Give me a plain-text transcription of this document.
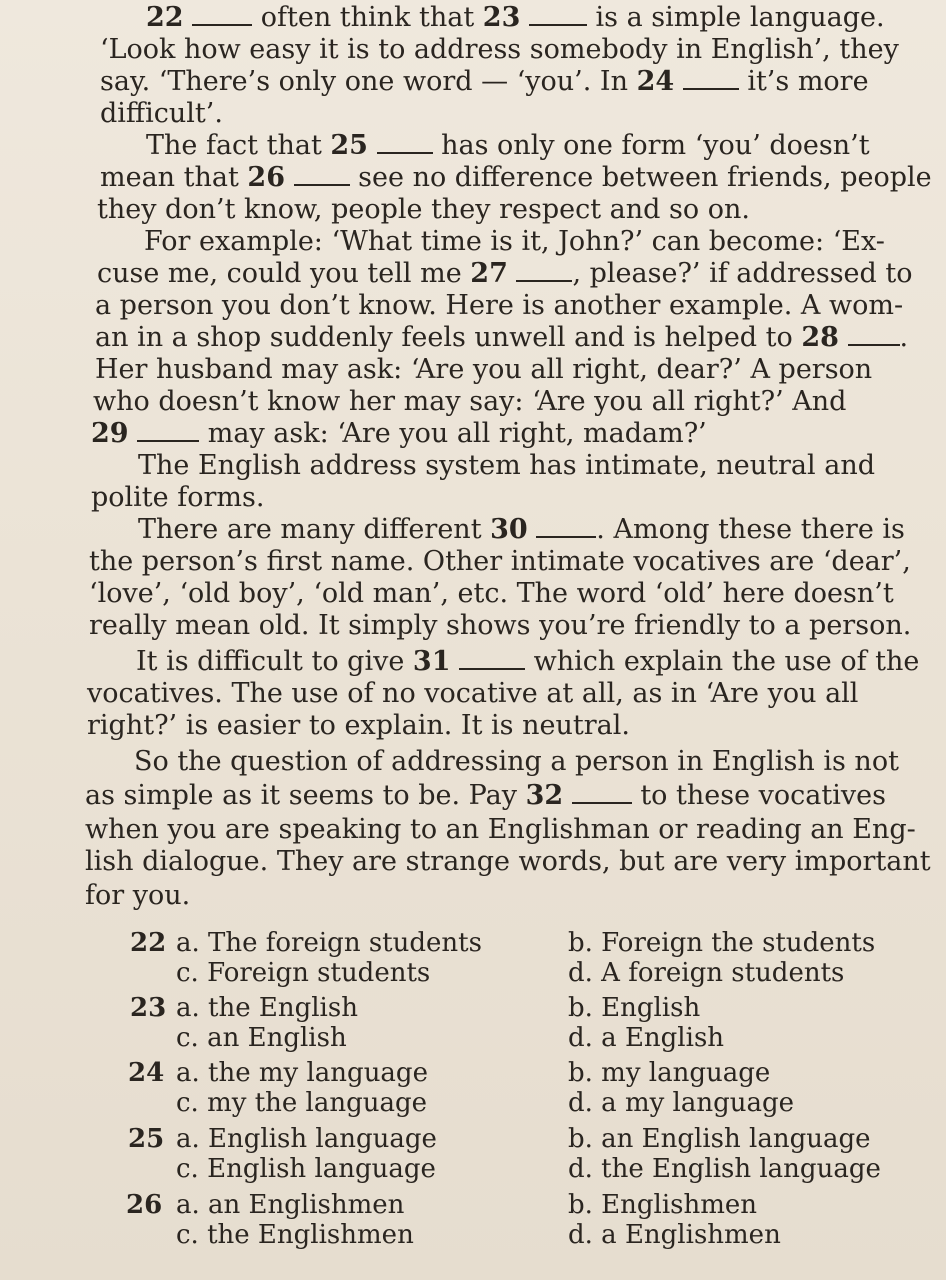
22	often think that 23  is a simple language.
‘Look how easy it is to address somebody in English’, they
say. ‘There’s only one word — ‘you’. In 24  it’s more
difficult’.
The fact that 25  has only one form ‘you’ doesn’t
mean that 26  see no difference between friends, people
they don’t know, people they respect and so on.
For example: ‘What time is it, John?’ can become: ‘Ex-
cuse me, could you tell me 27 , please?’ if addressed to
a person you don’t know. Here is another example. A wom-
an in a shop suddenly feels unwell and is helped to 28 .
Her husband may ask: ‘Are you all right, dear?’ A person
who doesn’t know her may say: ‘Are you all right?’ And
29	may ask: ‘Are you all right, madam?’
The English address system has intimate, neutral and
polite forms.
There are many different 30	. Among these there is
the person’s first name. Other intimate vocatives are ‘dear’,
‘love’, ‘old boy’, ‘old man’, etc. The word ‘old’ here doesn’t
really mean old. It simply shows you’re friendly to a person.
It is difficult to give 31	which explain the use of the
vocatives. The use of no vocative at all, as in ‘Are you all
right?’ is easier to explain. It is neutral.
So the question of addressing a person in English is not
as simple as it seems to be. Pay 32	to these vocatives
when you are speaking to an Englishman or reading an Eng-
lish dialogue. They are strange words, but are very important
for you.
22 a. The foreign students	b. Foreign the students
c. Foreign students	d. A foreign students
23 a. the English	b. English
c. an English	d. a English
24 a. the my language	b. my language
c. my the language	d. a my language
25 a. English language	b. an English language
c. English language	d. the English language
26 a. an Englishmen	b. Englishmen
c. the Englishmen	d. a Englishmen
